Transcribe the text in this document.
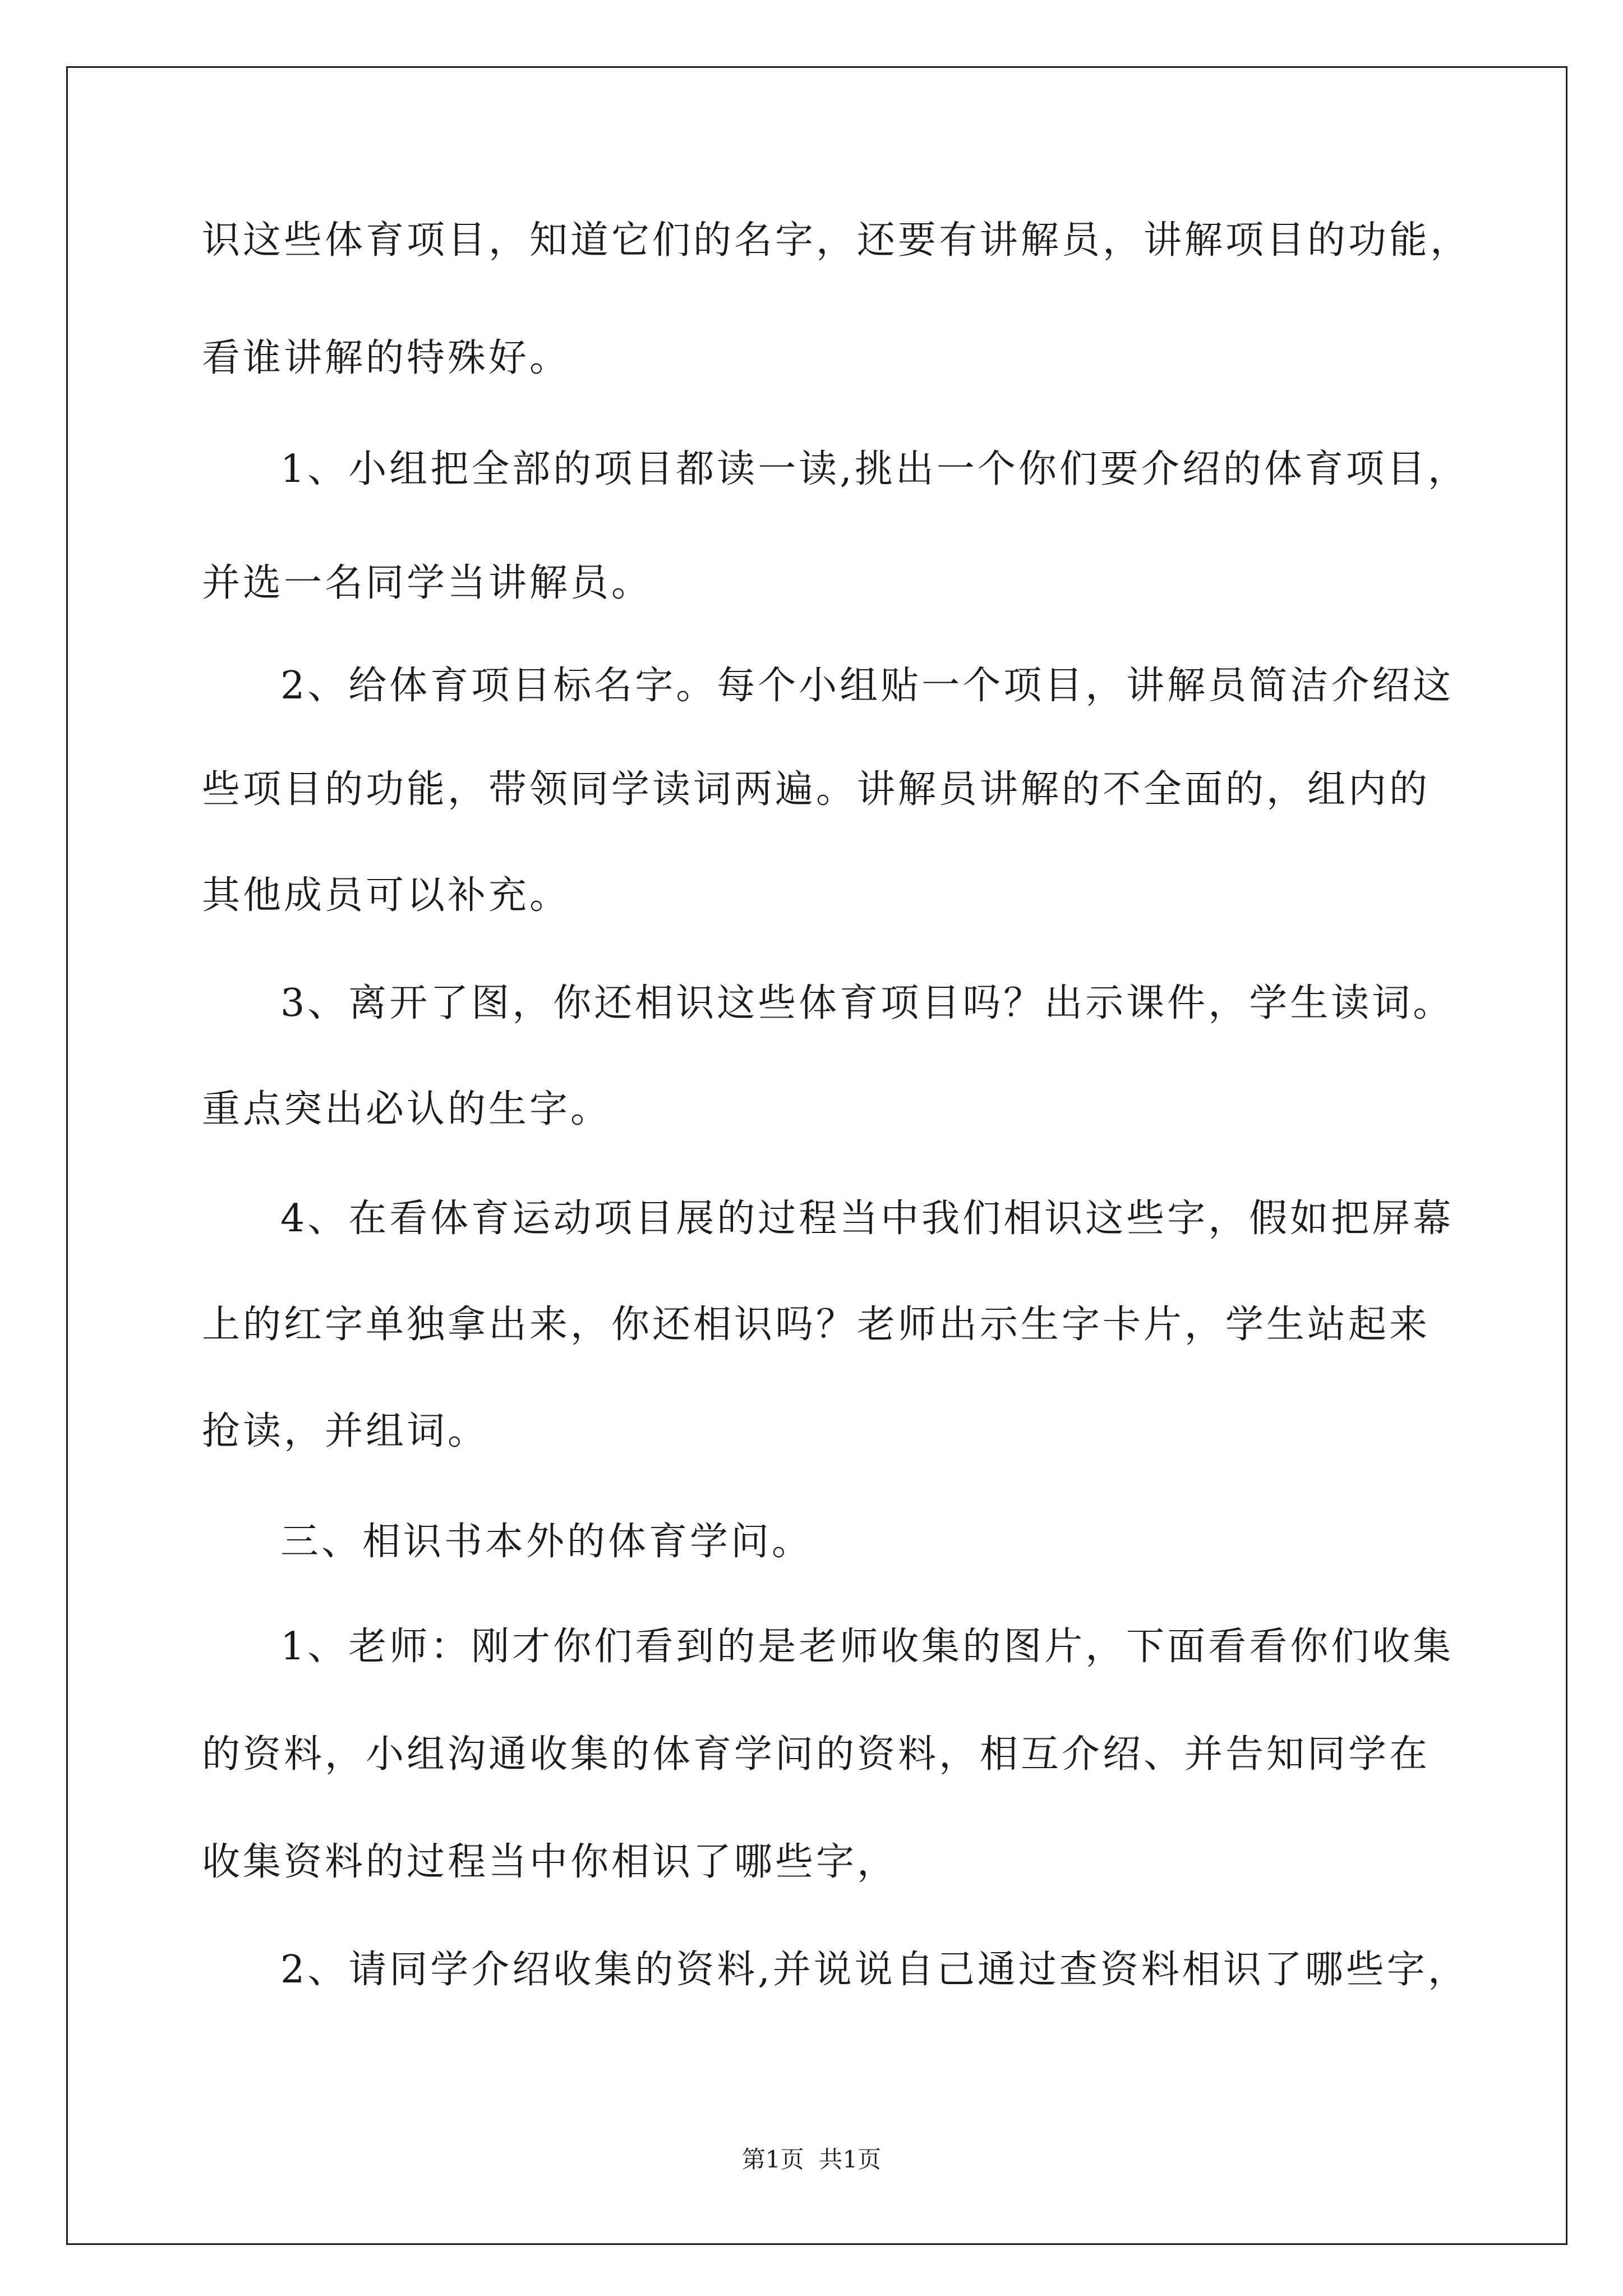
识这些体育项目，知道它们的名字，还要有讲解员，讲解项目的功能，
看谁讲解的特殊好。
1、小组把全部的项目都读一读,挑出一个你们要介绍的体育项目，
并选一名同学当讲解员。
2、给体育项目标名字。每个小组贴一个项目，讲解员简洁介绍这
些项目的功能，带领同学读词两遍。讲解员讲解的不全面的，组内的
其他成员可以补充。
3、离开了图，你还相识这些体育项目吗？出示课件，学生读词。
重点突出必认的生字。
4、在看体育运动项目展的过程当中我们相识这些字，假如把屏幕
上的红字单独拿出来，你还相识吗？老师出示生字卡片，学生站起来
抢读，并组词。
三、相识书本外的体育学问。
1、老师：刚才你们看到的是老师收集的图片，下面看看你们收集
的资料，小组沟通收集的体育学问的资料，相互介绍、并告知同学在
收集资料的过程当中你相识了哪些字，
2、请同学介绍收集的资料,并说说自己通过查资料相识了哪些字，
第1页  共1页
